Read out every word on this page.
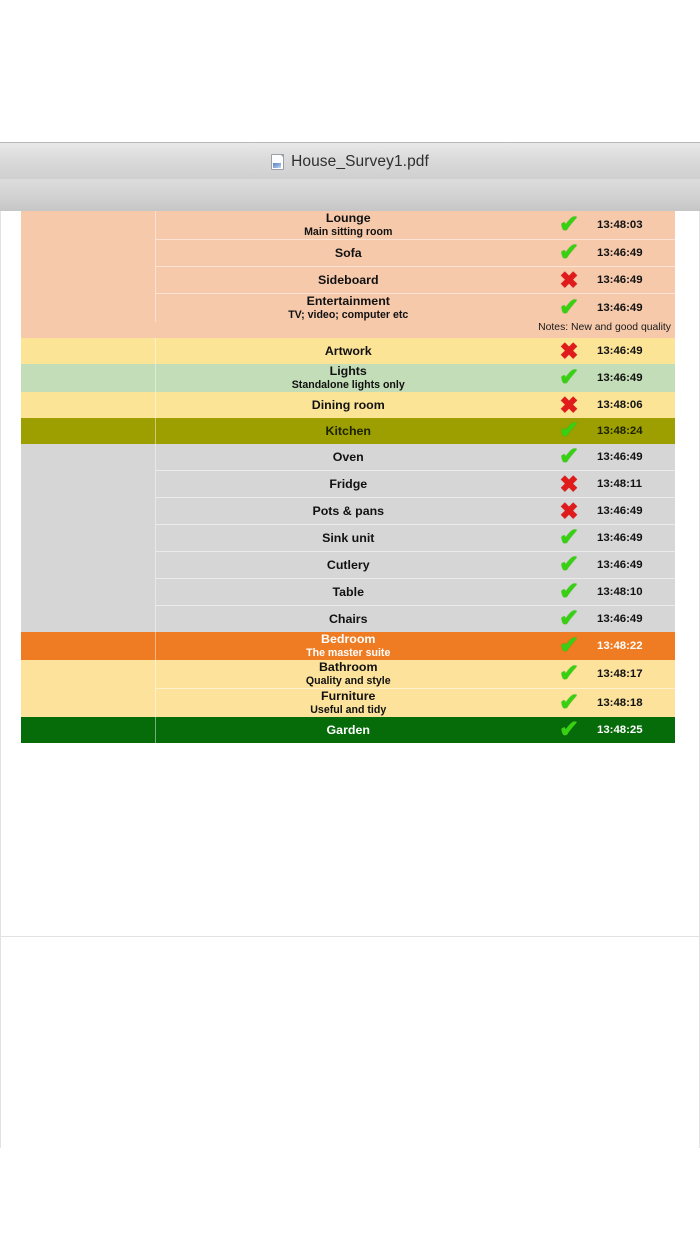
House_Survey1.pdf

	Lounge
Main sitting room	✔	13:48:03

	Sofa	✔	13:46:49

	Sideboard	✖	13:46:49

	Entertainment
TV; video; computer etc	✔	13:46:49
Notes: New and good quality			

	Artwork	✖	13:46:49

	Lights
Standalone lights only	✔	13:46:49

	Dining room	✖	13:48:06

	Kitchen	✔	13:48:24

	Oven	✔	13:46:49

	Fridge	✖	13:48:11

	Pots & pans	✖	13:46:49

	Sink unit	✔	13:46:49

	Cutlery	✔	13:46:49

	Table	✔	13:48:10

	Chairs	✔	13:46:49

	Bedroom
The master suite	✔	13:48:22

	Bathroom
Quality and style	✔	13:48:17

	Furniture
Useful and tidy	✔	13:48:18

	Garden	✔	13:48:25
